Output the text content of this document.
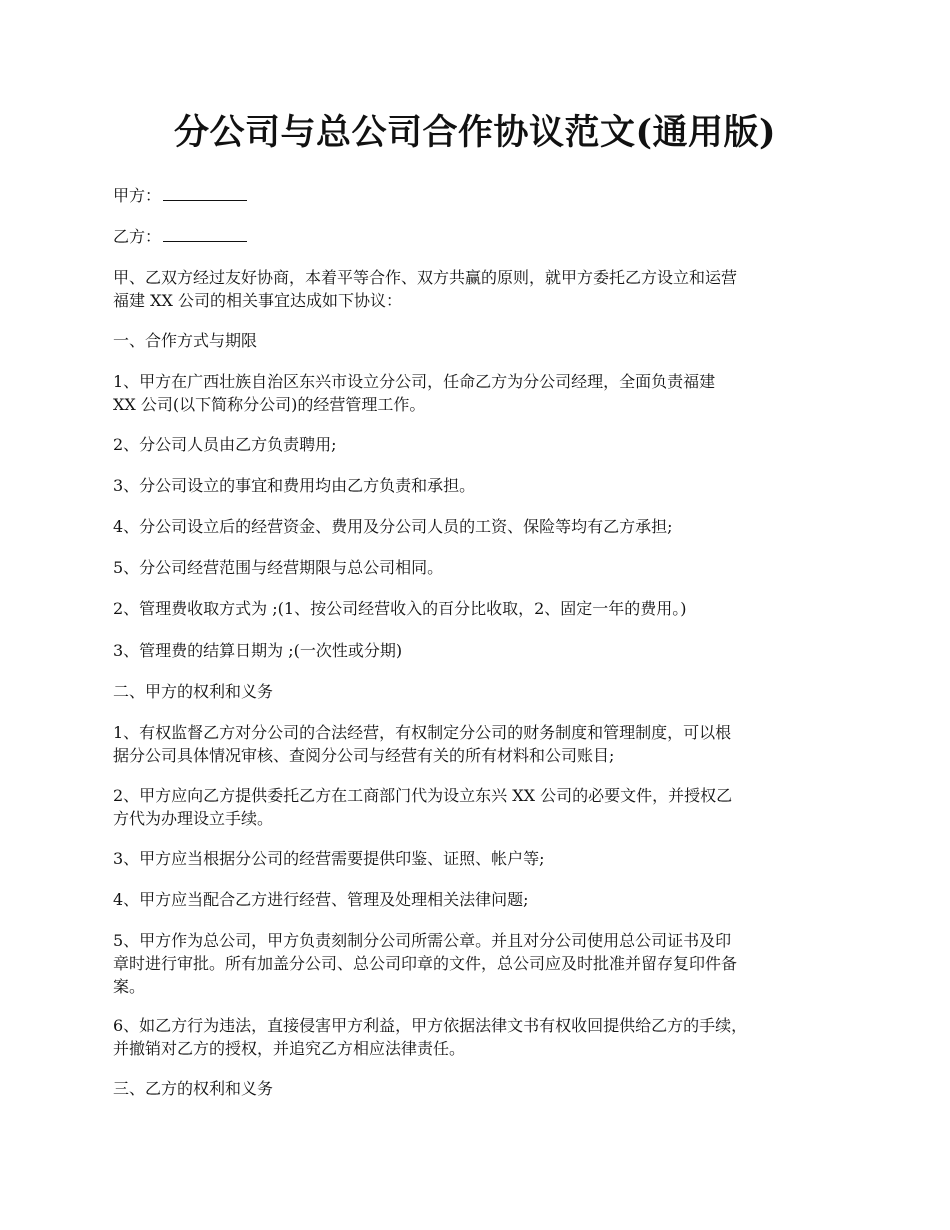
分公司与总公司合作协议范文(通用版)

甲方：

乙方：

甲、乙双方经过友好协商，本着平等合作、双方共赢的原则，就甲方委托乙方设立和运营
福建 XX 公司的相关事宜达成如下协议：

一、合作方式与期限

1、甲方在广西壮族自治区东兴市设立分公司，任命乙方为分公司经理，全面负责福建
XX 公司(以下简称分公司)的经营管理工作。

2、分公司人员由乙方负责聘用;

3、分公司设立的事宜和费用均由乙方负责和承担。

4、分公司设立后的经营资金、费用及分公司人员的工资、保险等均有乙方承担;

5、分公司经营范围与经营期限与总公司相同。

2、管理费收取方式为 ;(1、按公司经营收入的百分比收取，2、固定一年的费用。)

3、管理费的结算日期为 ;(一次性或分期)

二、甲方的权利和义务

1、有权监督乙方对分公司的合法经营，有权制定分公司的财务制度和管理制度，可以根
据分公司具体情况审核、查阅分公司与经营有关的所有材料和公司账目;

2、甲方应向乙方提供委托乙方在工商部门代为设立东兴 XX 公司的必要文件，并授权乙
方代为办理设立手续。

3、甲方应当根据分公司的经营需要提供印鉴、证照、帐户等;

4、甲方应当配合乙方进行经营、管理及处理相关法律问题;

5、甲方作为总公司，甲方负责刻制分公司所需公章。并且对分公司使用总公司证书及印
章时进行审批。所有加盖分公司、总公司印章的文件，总公司应及时批准并留存复印件备
案。

6、如乙方行为违法，直接侵害甲方利益，甲方依据法律文书有权收回提供给乙方的手续，
并撤销对乙方的授权，并追究乙方相应法律责任。

三、乙方的权利和义务
